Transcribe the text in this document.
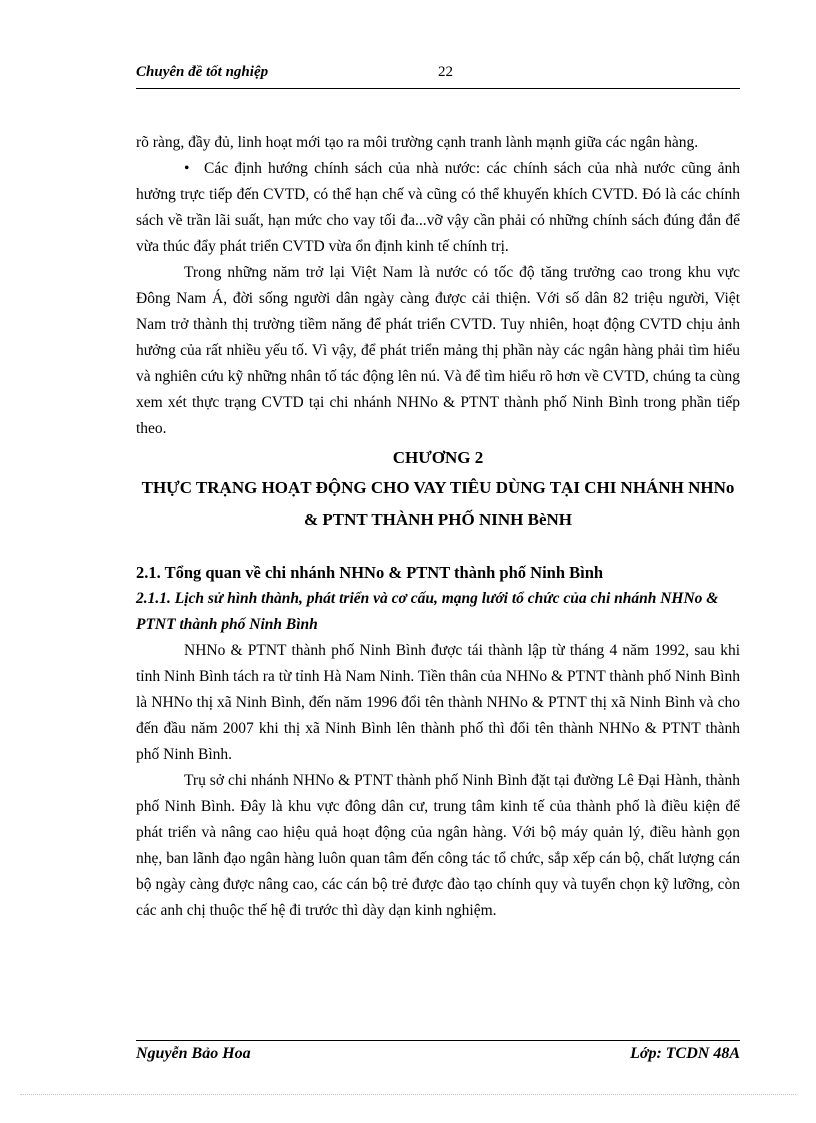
Chuyên đề tốt nghiệp	22

rõ ràng, đầy đủ, linh hoạt mới tạo ra môi trường cạnh tranh lành mạnh giữa các ngân hàng.

• Các định hướng chính sách của nhà nước: các chính sách của nhà nước cũng ảnh hưởng trực tiếp đến CVTD, có thể hạn chế và cũng có thể khuyến khích CVTD. Đó là các chính sách về trần lãi suất, hạn mức cho vay tối đa...vỡ vậy cần phải có những chính sách đúng đắn để vừa thúc đẩy phát triển CVTD vừa ổn định kinh tế chính trị.

Trong những năm trở lại Việt Nam là nước có tốc độ tăng trưởng cao trong khu vực Đông Nam Á, đời sống người dân ngày càng được cải thiện. Với số dân 82 triệu người, Việt Nam trở thành thị trường tiềm năng để phát triển CVTD. Tuy nhiên, hoạt động CVTD chịu ảnh hưởng của rất nhiều yếu tố. Vì vậy, để phát triển mảng thị phần này các ngân hàng phải tìm hiểu và nghiên cứu kỹ những nhân tố tác động lên nú. Và để tìm hiểu rõ hơn về CVTD, chúng ta cùng xem xét thực trạng CVTD tại chi nhánh NHNo & PTNT thành phố Ninh Bình trong phần tiếp theo.

CHƯƠNG 2
THỰC TRẠNG HOẠT ĐỘNG CHO VAY TIÊU DÙNG TẠI CHI NHÁNH NHNo & PTNT THÀNH PHỐ NINH BèNH
2.1. Tổng quan về chi nhánh NHNo & PTNT thành phố Ninh Bình
2.1.1. Lịch sử hình thành, phát triển và cơ cấu, mạng lưới tổ chức của chi nhánh NHNo & PTNT thành phố Ninh Bình

NHNo & PTNT thành phố Ninh Bình được tái thành lập từ tháng 4 năm 1992, sau khi tỉnh Ninh Bình tách ra từ tỉnh Hà Nam Ninh. Tiền thân của NHNo & PTNT thành phố Ninh Bình là NHNo thị xã Ninh Bình, đến năm 1996 đổi tên thành NHNo & PTNT thị xã Ninh Bình và cho đến đầu năm 2007 khi thị xã Ninh Bình lên thành phố thì đổi tên thành NHNo & PTNT thành phố Ninh Bình.

Trụ sở chi nhánh NHNo & PTNT thành phố Ninh Bình đặt tại đường Lê Đại Hành, thành phố Ninh Bình. Đây là khu vực đông dân cư, trung tâm kinh tế của thành phố là điều kiện để phát triển và nâng cao hiệu quả hoạt động của ngân hàng. Với bộ máy quản lý, điều hành gọn nhẹ, ban lãnh đạo ngân hàng luôn quan tâm đến công tác tổ chức, sắp xếp cán bộ, chất lượng cán bộ ngày càng được nâng cao, các cán bộ trẻ được đào tạo chính quy và tuyển chọn kỹ lưỡng, còn các anh chị thuộc thế hệ đi trước thì dày dạn kinh nghiệm.

Nguyễn Bảo Hoa	Lớp: TCDN 48A
